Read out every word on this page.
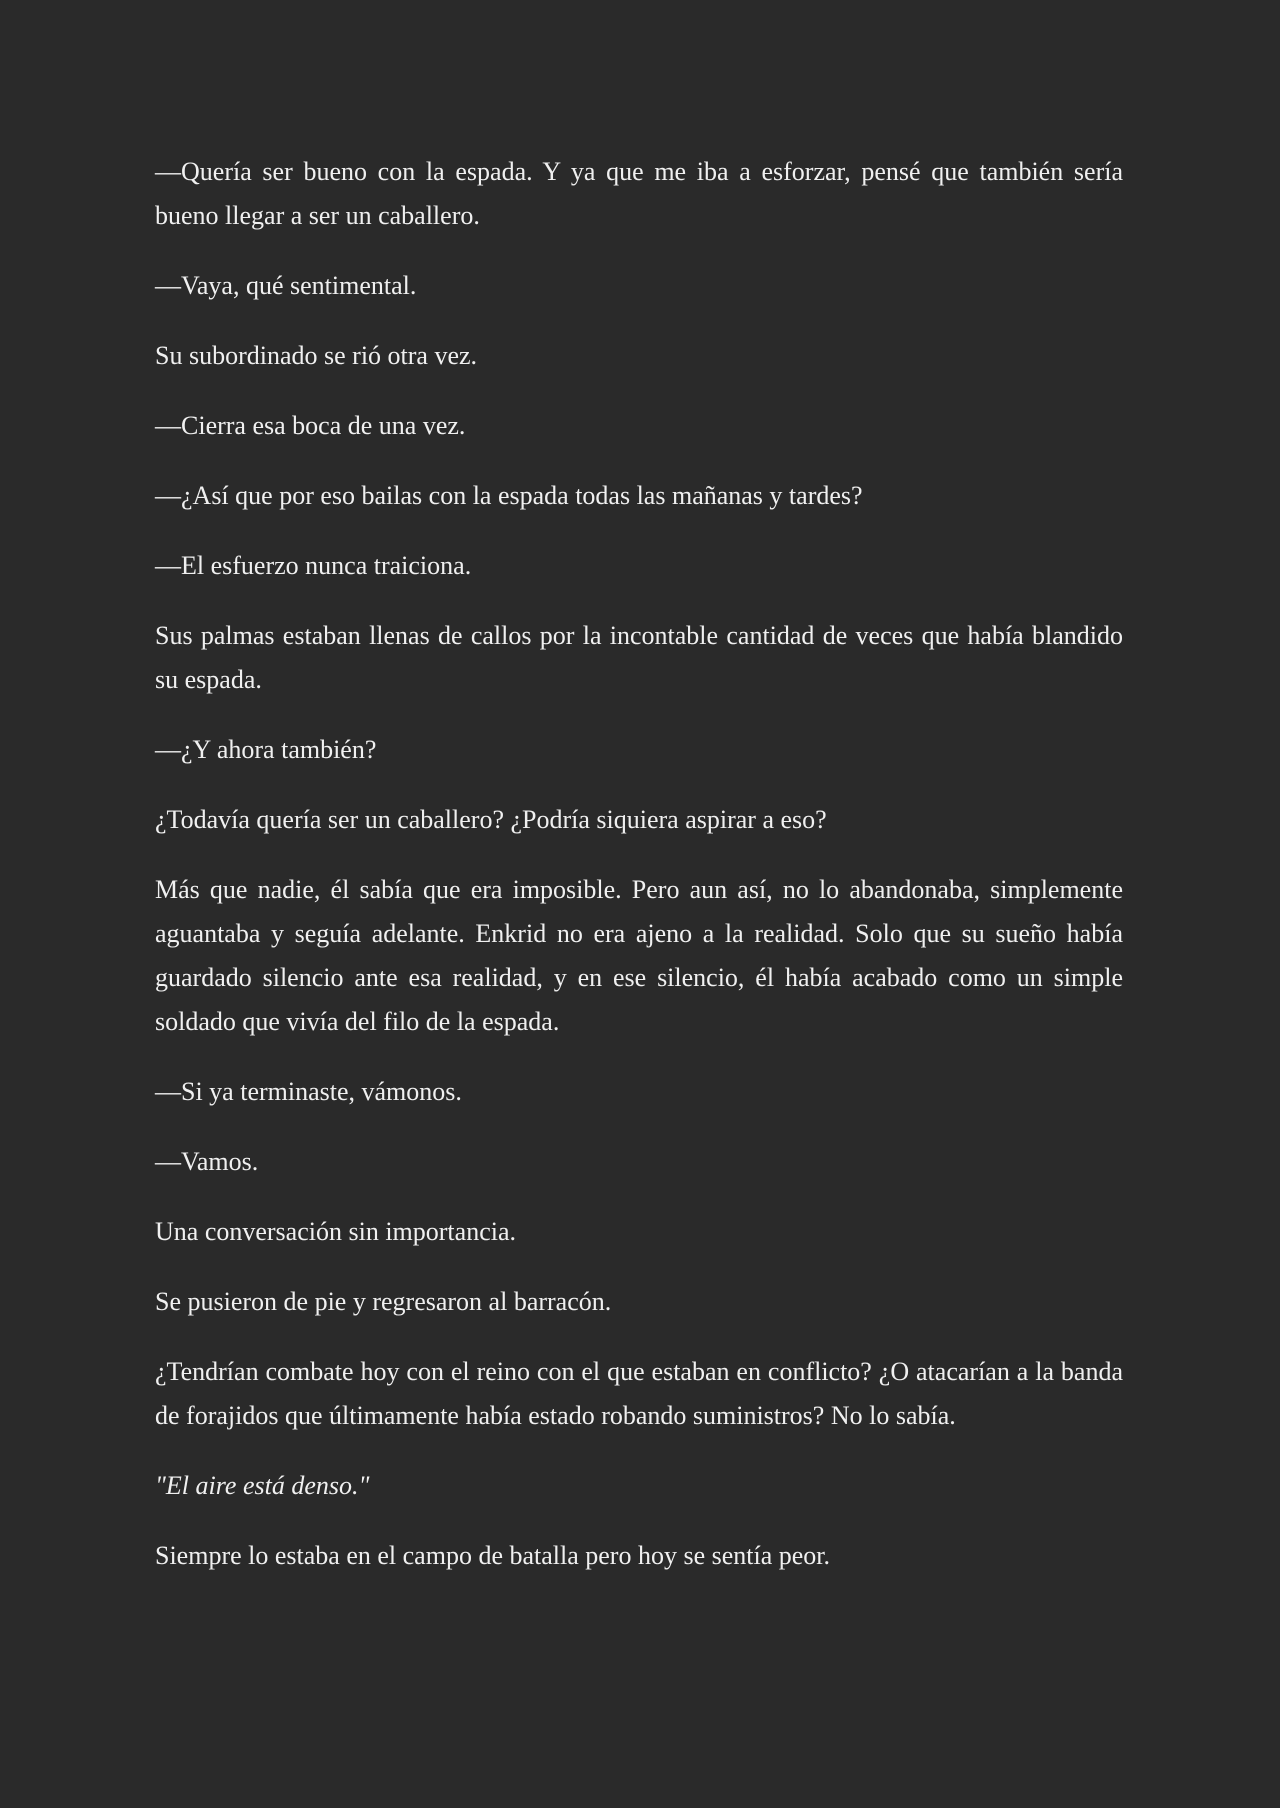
—Quería ser bueno con la espada. Y ya que me iba a esforzar, pensé que también sería bueno llegar a ser un caballero.

—Vaya, qué sentimental.

Su subordinado se rió otra vez.

—Cierra esa boca de una vez.

—¿Así que por eso bailas con la espada todas las mañanas y tardes?

—El esfuerzo nunca traiciona.

Sus palmas estaban llenas de callos por la incontable cantidad de veces que había blandido su espada.

—¿Y ahora también?

¿Todavía quería ser un caballero? ¿Podría siquiera aspirar a eso?

Más que nadie, él sabía que era imposible. Pero aun así, no lo abandonaba, simplemente aguantaba y seguía adelante. Enkrid no era ajeno a la realidad. Solo que su sueño había guardado silencio ante esa realidad, y en ese silencio, él había acabado como un simple soldado que vivía del filo de la espada.

—Si ya terminaste, vámonos.

—Vamos.

Una conversación sin importancia.

Se pusieron de pie y regresaron al barracón.

¿Tendrían combate hoy con el reino con el que estaban en conflicto? ¿O atacarían a la banda de forajidos que últimamente había estado robando suministros? No lo sabía.

"El aire está denso."

Siempre lo estaba en el campo de batalla pero hoy se sentía peor.
